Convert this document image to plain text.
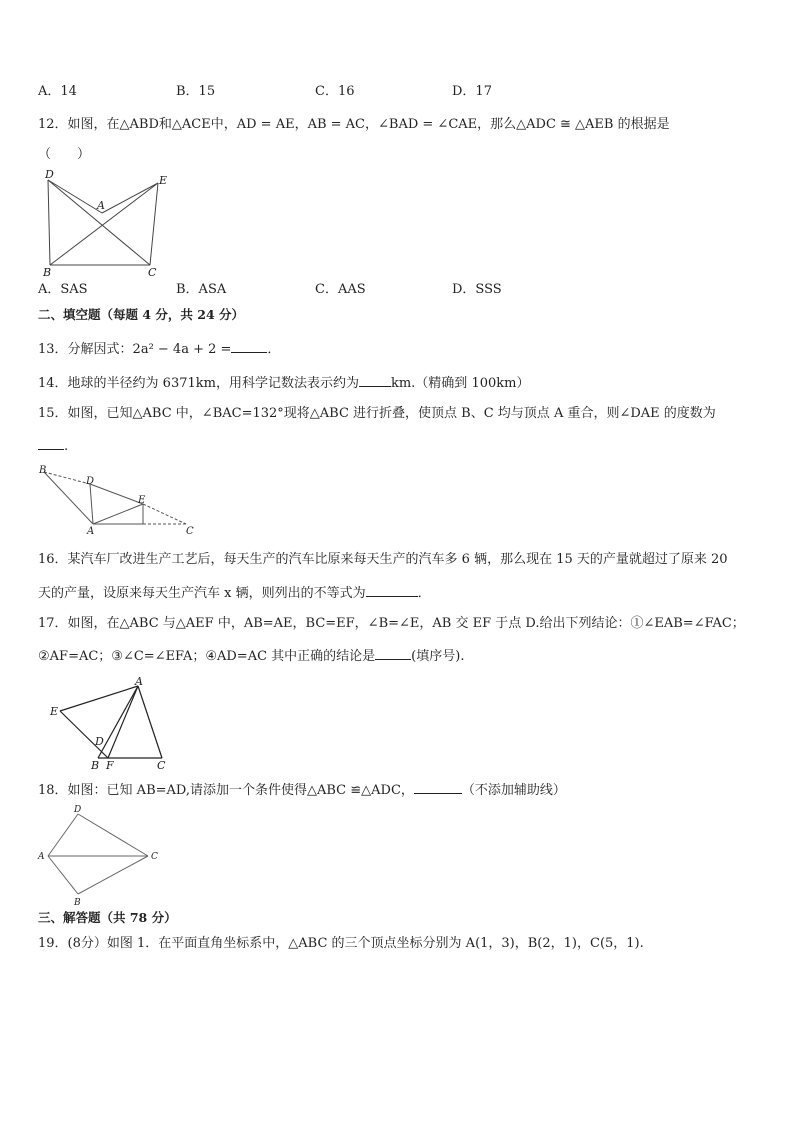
A．14	B．15	C．16	D．17
12．如图，在△ABD和△ACE中，AD = AE，AB = AC，∠BAD = ∠CAE，那么△ADC ≅ △AEB 的根据是
（　　）
D	E
A
B	C
A．SAS	B．ASA	C．AAS	D．SSS
二、填空题（每题 4 分，共 24 分）
13．分解因式：2a² − 4a + 2 =	．
14．地球的半径约为 6371km，用科学记数法表示约为 km.（精确到 100km）
15．如图，已知△ABC 中，∠BAC=132°现将△ABC 进行折叠，使顶点 B、C 均与顶点 A 重合，则∠DAE 的度数为
.
B
D
E
A	C
16．某汽车厂改进生产工艺后，每天生产的汽车比原来每天生产的汽车多 6 辆，那么现在 15 天的产量就超过了原来 20
天的产量，设原来每天生产汽车 x 辆，则列出的不等式为	．
17．如图，在△ABC 与△AEF 中，AB=AE，BC=EF，∠B=∠E，AB 交 EF 于点 D.给出下列结论：①∠EAB=∠FAC；
②AF=AC；③∠C=∠EFA；④AD=AC 其中正确的结论是	(填序号).
A
E
D
B F	C
18．如图：已知 AB=AD,请添加一个条件使得△ABC ≌△ADC，	（不添加辅助线）
D
A	C
B
三、解答题（共 78 分）
19．(8分）如图 1．在平面直角坐标系中，△ABC 的三个顶点坐标分别为 A(1，3)，B(2，1)，C(5，1).
